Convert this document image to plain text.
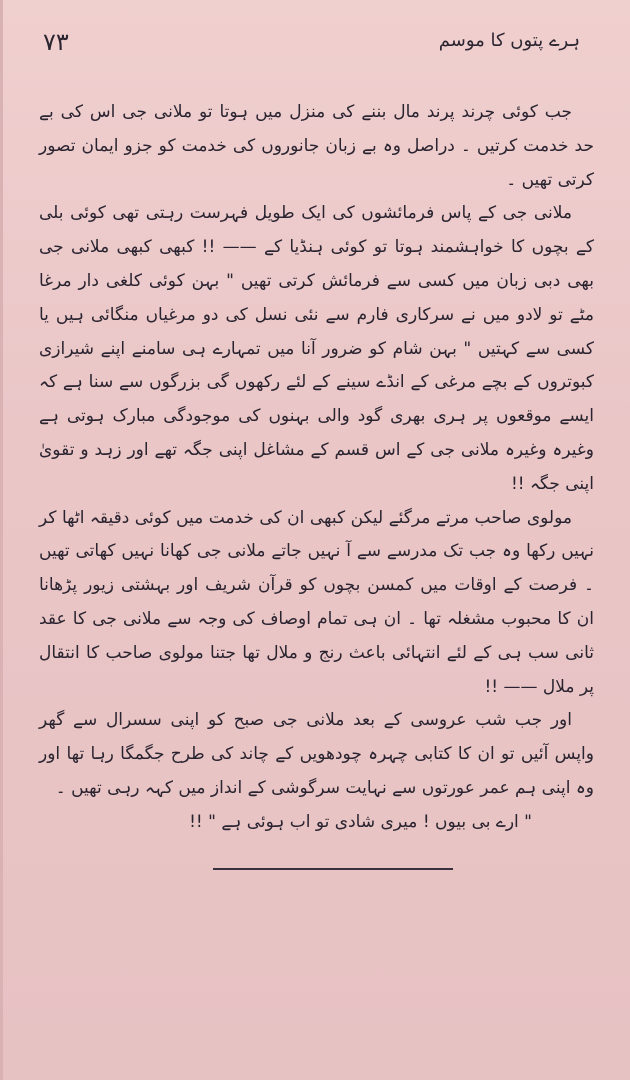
٧٣	ہرے پتوں کا موسم

جب کوئی چرند پرند مال بننے کی منزل میں ہوتا تو ملانی جی اس کی بے حد خدمت کرتیں ۔ دراصل وہ بے زبان جانوروں کی خدمت کو جزو ایمان تصور کرتی تھیں ۔

ملانی جی کے پاس فرمائشوں کی ایک طویل فہرست رہتی تھی کوئی بلی کے بچوں کا خواہشمند ہوتا تو کوئی ہنڈیا کے —— !! کبھی کبھی ملانی جی بھی دبی زبان میں کسی سے فرمائش کرتی تھیں " بہن کوئی کلغی دار مرغا مٹے تو لادو میں نے سرکاری فارم سے نئی نسل کی دو مرغیاں منگائی ہیں یا کسی سے کہتیں " بہن شام کو ضرور آنا میں تمہارے ہی سامنے اپنے شیرازی کبوتروں کے بچے مرغی کے انڈے سینے کے لئے رکھوں گی بزرگوں سے سنا ہے کہ ایسے موقعوں پر ہری بھری گود والی بہنوں کی موجودگی مبارک ہوتی ہے وغیرہ وغیرہ ملانی جی کے اس قسم کے مشاغل اپنی جگہ تھے اور زہد و تقویٰ اپنی جگہ !!

مولوی صاحب مرتے مرگئے لیکن کبھی ان کی خدمت میں کوئی دقیقہ اٹھا کر نہیں رکھا وہ جب تک مدرسے سے آ نہیں جاتے ملانی جی کھانا نہیں کھاتی تھیں ۔ فرصت کے اوقات میں کمسن بچوں کو قرآن شریف اور بہشتی زیور پڑھانا ان کا محبوب مشغلہ تھا ۔ ان ہی تمام اوصاف کی وجہ سے ملانی جی کا عقد ثانی سب ہی کے لئے انتہائی باعث رنج و ملال تھا جتنا مولوی صاحب کا انتقال پر ملال —— !!

اور جب شب عروسی کے بعد ملانی جی صبح کو اپنی سسرال سے گھر واپس آئیں تو ان کا کتابی چہرہ چودھویں کے چاند کی طرح جگمگا رہا تھا اور وہ اپنی ہم عمر عورتوں سے نہایت سرگوشی کے انداز میں کہہ رہی تھیں ۔

" ارے بی بیوں ! میری شادی تو اب ہوئی ہے " !!
